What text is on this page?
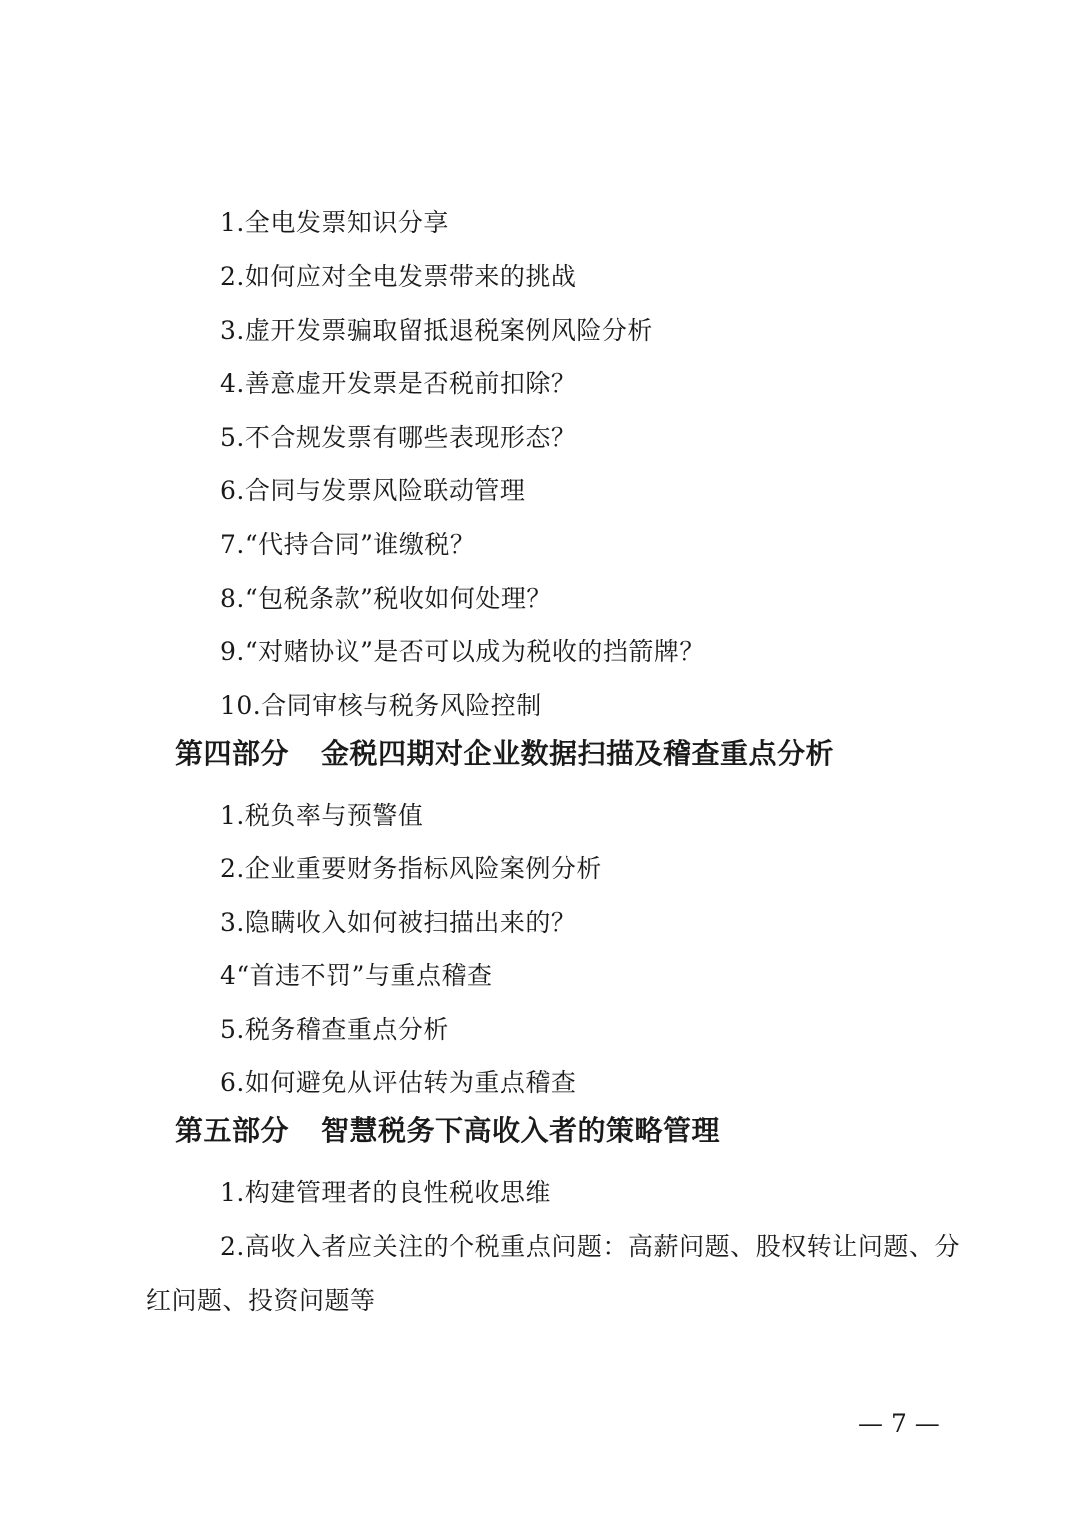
1.全电发票知识分享
2.如何应对全电发票带来的挑战
3.虚开发票骗取留抵退税案例风险分析
4.善意虚开发票是否税前扣除？
5.不合规发票有哪些表现形态？
6.合同与发票风险联动管理
7.“代持合同”谁缴税？
8.“包税条款”税收如何处理？
9.“对赌协议”是否可以成为税收的挡箭牌？
10.合同审核与税务风险控制
第四部分 金税四期对企业数据扫描及稽查重点分析
1.税负率与预警值
2.企业重要财务指标风险案例分析
3.隐瞒收入如何被扫描出来的？
4“首违不罚”与重点稽查
5.税务稽查重点分析
6.如何避免从评估转为重点稽查
第五部分 智慧税务下高收入者的策略管理
1.构建管理者的良性税收思维
2.高收入者应关注的个税重点问题：高薪问题、股权转让问题、分
红问题、投资问题等
— 7 —
